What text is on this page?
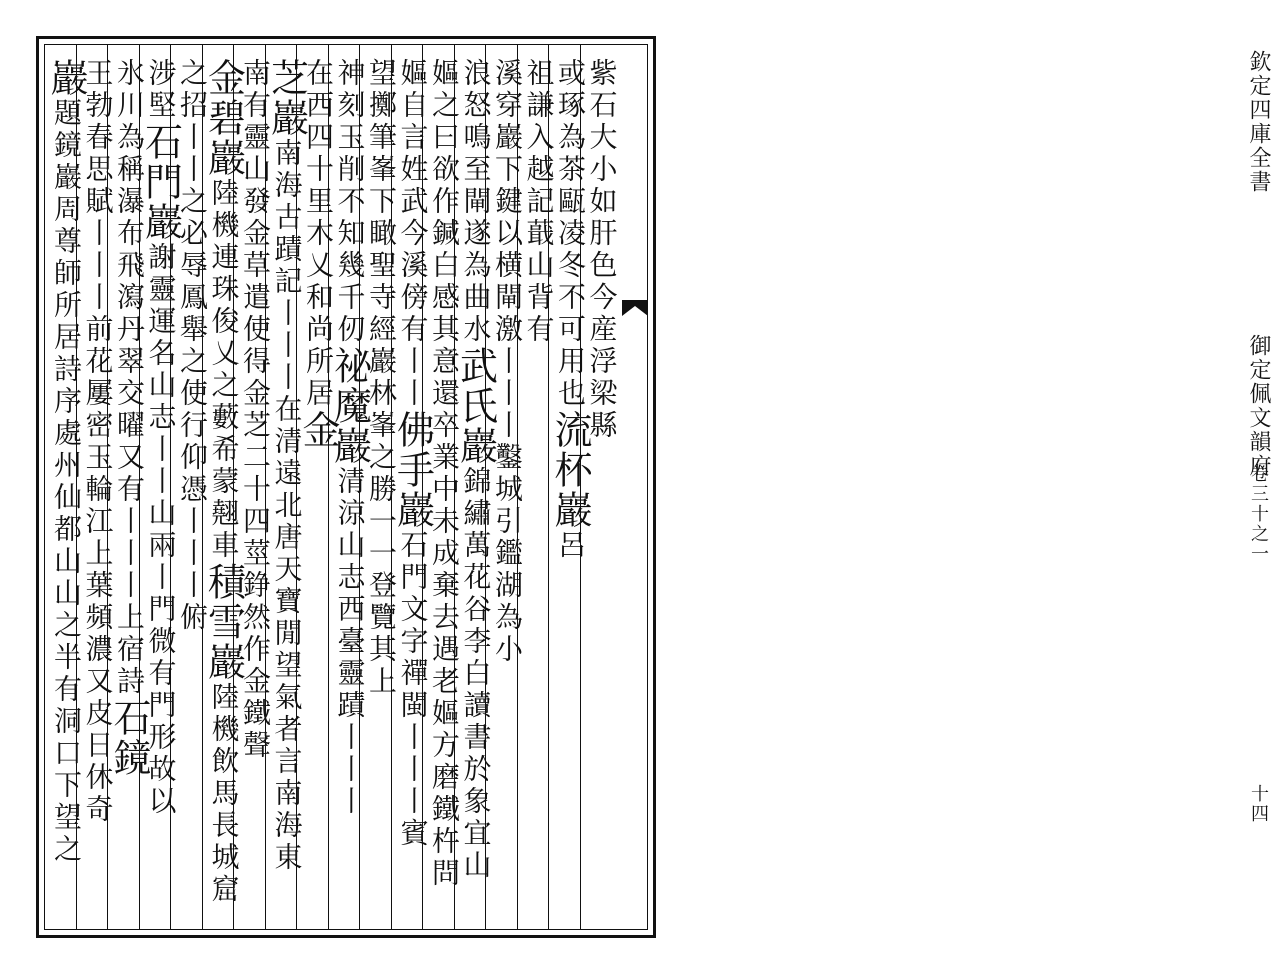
欽定四庫全書
御定佩文韻府
卷三十之一
十四
紫石大小如肝色今産浮梁縣
或琢為茶甌凌冬不可用也流杯巖呂
祖謙入越記蕺山背有
溪穿巖下鍵以横閘激丨丨丨鑿城引鑑湖為小
浪怒鳴至閘遂為曲水武氏巖錦繡萬花谷李白讀書於象宜山
嫗之曰欲作鍼白感其意還卒業中未成棄去遇老嫗方磨鐵杵問
嫗自言姓武今溪傍有丨丨佛手巖石門文字禪閩丨丨丨賓
望擲筆峯下瞰聖寺經巖林峯之勝一一登覽其上
神刻玉削不知幾千仞祕魔巖清涼山志西臺靈蹟丨丨丨
在西四十里木乂和尚所居金
芝巖南海古蹟記丨丨丨在清遠北唐天寶閒望氣者言南海東
南有靈山發金草遣使得金芝二十四莖錚然作金鐵聲
金碧巖陸機連珠俊乂之藪希蒙翹車積雪巖陸機飲馬長城窟
之招丨丨之必辱鳳舉之使行仰憑丨丨丨俯
涉堅石門巖謝靈運名山志丨丨山兩丨門微有門形故以
氷川為稱瀑布飛瀉丹翠交曜又有丨丨丨上宿詩石鏡
王勃春思賦丨丨丨前花屢密玉輪江上葉頻濃又皮日休奇
巖題鏡巖周尊師所居詩序處州仙都山山之半有洞口下望之
